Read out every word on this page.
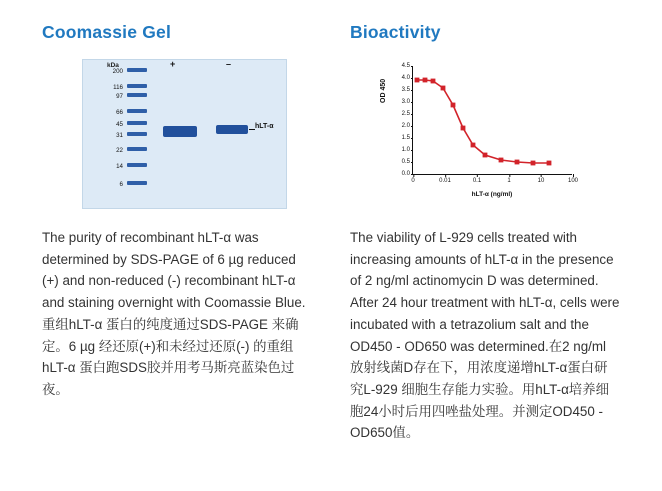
Coomassie Gel
kDa	+	–
200
116
97
66
45
31
22
14
6
hLT-α

The purity of recombinant hLT-α was determined by SDS-PAGE of 6 µg reduced (+) and non-reduced (-) recombinant hLT-α and staining overnight with Coomassie Blue.重组hLT-α 蛋白的纯度通过SDS-PAGE 来确定。6 µg 经还原(+)和未经过还原(-) 的重组hLT-α 蛋白跑SDS胶并用考马斯亮蓝染色过夜。

Bioactivity
OD 450
0.0
0.5
1.0
1.5
2.0
2.5
3.0
3.5
4.0
4.5
0	0.01	0.1	1	10	100
hLT-α (ng/ml)

The viability of L-929 cells treated with increasing amounts of hLT-α in the presence of 2 ng/ml actinomycin D was determined. After 24 hour treatment with hLT-α, cells were incubated with a tetrazolium salt and the OD450 - OD650 was determined.在2 ng/ml 放射线菌D存在下，用浓度递增hLT-α蛋白研究L-929 细胞生存能力实验。用hLT-α培养细胞24小时后用四唑盐处理。并测定OD450 - OD650值。
